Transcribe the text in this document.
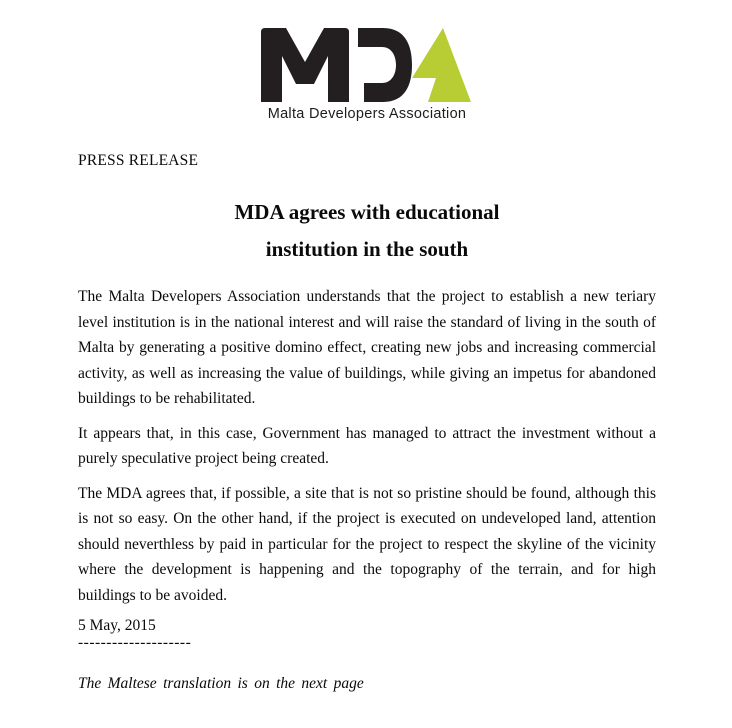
Malta Developers Association
PRESS RELEASE
MDA agrees with educational
institution in the south

The Malta Developers Association understands that the project to establish a new teriary level institution is in the national interest and will raise the standard of living in the south of Malta by generating a positive domino effect, creating new jobs and increasing commercial activity, as well as increasing the value of buildings, while giving an impetus for abandoned buildings to be rehabilitated.

It appears that, in this case, Government has managed to attract the investment without a purely speculative project being created.

The MDA agrees that, if possible, a site that is not so pristine should be found, although this is not so easy. On the other hand, if the project is executed on undeveloped land, attention should neverthless by paid in particular for the project to respect the skyline of the vicinity where the development is happening and the topography of the terrain, and for high buildings to be avoided.

5 May, 2015
--------------------
The Maltese translation is on the next page
